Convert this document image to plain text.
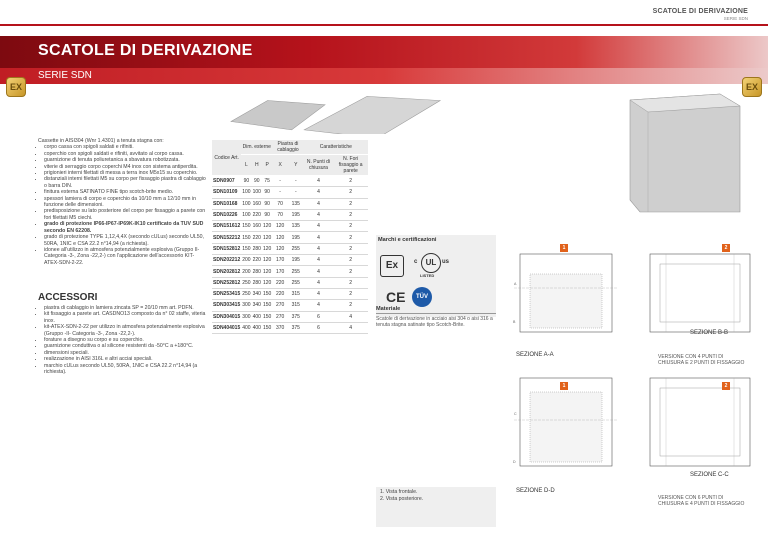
SCATOLE DI DERIVAZIONE
SERIE SDN
SCATOLE DI DERIVAZIONE
SERIE SDN
EX	EX

Cassette in AISI304 (Wnr 1.4301) a tenuta stagna con:

• corpo cassa con spigoli saldati e rifiniti.
• coperchio con spigoli saldati e rifiniti, avvitato al corpo cassa.
• guarnizione di tenuta poliuretanica a sbavatura robotizzata.
• viterie di serraggio corpo coperchi M4 inox con sistema antiperdita.
• prigionieri interni filettati di messa a terra inox M5x15 su coperchio.
• distanziali interni filettati M5 su corpo per fissaggio piastra di cablaggio o barra DIN.
• finitura esterna SATINATO FINE tipo scotch-brite medio.
• spessori lamiera di corpo e coperchio da 10/10 mm a 12/10 mm in funzione delle dimensioni.
• predisposizione su lato posteriore del corpo per fissaggio a parete con fori filettati M5 ciechi.
• grado di protezione IP66-IP67-IP69K-IK10 certificato da TUV SUD secondo EN 62208.
• grado di protezione TYPE 1,12,4,4X (secondo cULus) secondo UL50, 50RA, 1NIC e CSA 22.2 n°14,94 (a richiesta).
• idonee all'utilizzo in atmosfera potenzialmente esplosiva (Gruppo II-Categoria -3-, Zona -22,2-) con l'applicazione dell'accessorio KIT-ATEX-SDN-2-22.
ACCESSORI
• piastra di cablaggio in lamiera zincata SP = 20/10 mm art. PDFN.
• kit fissaggio a parete art. CASDNO13 composto da n° 02 staffe, viteria inox.
• kit-ATEX-SDN-2-22 per utilizzo in atmosfera potenzialmente esplosiva (Gruppo -II- Categoria -3-, Zona -22,2-).
• forature a disegno su corpo e su coperchio.
• guarnizione conduttiva o al silicone resistenti da -50°C a +180°C.
• dimensioni speciali.
• realizzazione in AISI 316L e altri acciai speciali.
• marchio cULus secondo UL50, 50RA, 1NIC e CSA 22.2 n°14,94 (a richiesta).
Codice Art.	Dim. esterne			Piastra di cablaggio		Caratteristiche	
	L	H	P	X	Y	N. Punti di chiusura	N. Fori fissaggio a parete
SDN0907	90	90	75	-	-	4	2
SDN10109	100	100	90	-	-	4	2
SDN10168	100	160	90	70	135	4	2
SDN10226	100	220	90	70	195	4	2
SDN151612	150	160	120	120	135	4	2
SDN152212	150	220	120	120	195	4	2
SDN152812	150	280	120	120	255	4	2
SDN202212	200	220	120	170	195	4	2
SDN202812	200	280	120	170	255	4	2
SDN252812	250	280	120	220	255	4	2
SDN253415	250	340	150	220	315	4	2
SDN303415	300	340	150	270	315	4	2
SDN304015	300	400	150	270	375	6	4
SDN404015	400	400	150	370	375	6	4
Marchi e certificazioni
Ex	c	UL us
LISTED
CE	TÜV
Materiale
Scatole di derivazione in acciaio aisi 304 o aisi 316 a tenuta stagna satinate tipo Scotch-Brite.
1. Vista frontale.
2. Vista posteriore.
1	2
1	2
A
B
C
D
SEZIONE A-A
SEZIONE B-B
SEZIONE C-C
SEZIONE D-D
VERSIONE CON 4 PUNTI DI CHIUSURA E 2 PUNTI DI FISSAGGIO
VERSIONE CON 6 PUNTI DI CHIUSURA E 4 PUNTI DI FISSAGGIO
